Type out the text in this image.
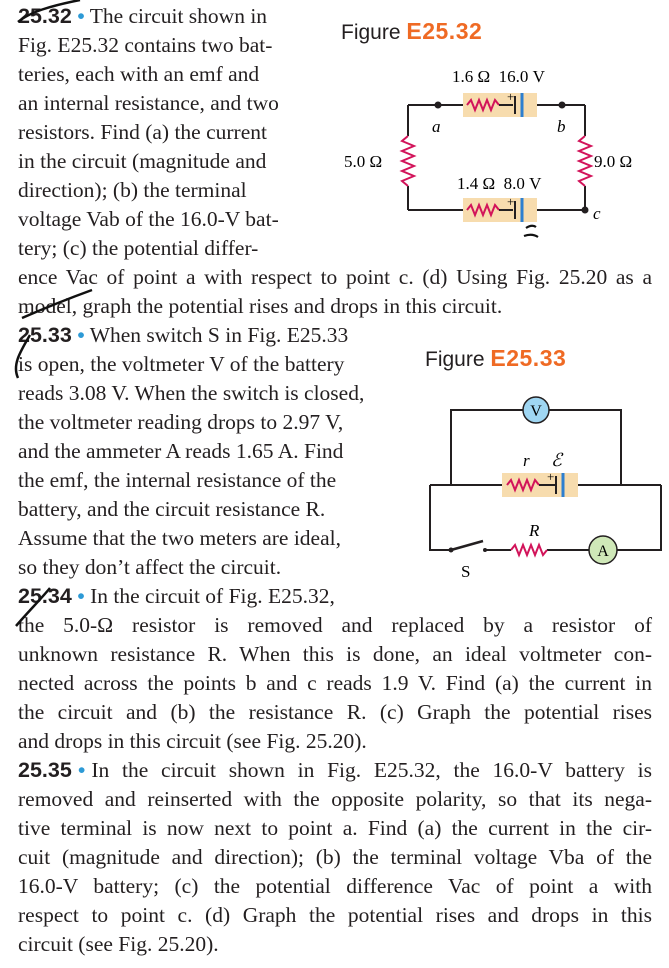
25.32 • The circuit shown in
Fig. E25.32 contains two bat-
teries, each with an emf and
an internal resistance, and two
resistors. Find (a) the current
in the circuit (magnitude and
direction); (b) the terminal
voltage Vab of the 16.0-V bat-
tery; (c) the potential differ-
ence Vac of point a with respect to point c. (d) Using Fig. 25.20 as a
model, graph the potential rises and drops in this circuit.
Figure E25.32
+
+
1.6 Ω  16.0 V
1.4 Ω  8.0 V
5.0 Ω	9.0 Ω
a	b
c
25.33 • When switch S in Fig. E25.33
is open, the voltmeter V of the battery
reads 3.08 V. When the switch is closed,
the voltmeter reading drops to 2.97 V,
and the ammeter A reads 1.65 A. Find
the emf, the internal resistance of the
battery, and the circuit resistance R.
Assume that the two meters are ideal,
so they don’t affect the circuit.
Figure E25.33
V
+
r ℰ
S
R
A
25.34 • In the circuit of Fig. E25.32,
the 5.0-Ω resistor is removed and replaced by a resistor of
unknown resistance R. When this is done, an ideal voltmeter con-
nected across the points b and c reads 1.9 V. Find (a) the current in
the circuit and (b) the resistance R. (c) Graph the potential rises
and drops in this circuit (see Fig. 25.20).
25.35 • In the circuit shown in Fig. E25.32, the 16.0-V battery is
removed and reinserted with the opposite polarity, so that its nega-
tive terminal is now next to point a. Find (a) the current in the cir-
cuit (magnitude and direction); (b) the terminal voltage Vba of the
16.0-V battery; (c) the potential difference Vac of point a with
respect to point c. (d) Graph the potential rises and drops in this
circuit (see Fig. 25.20).
